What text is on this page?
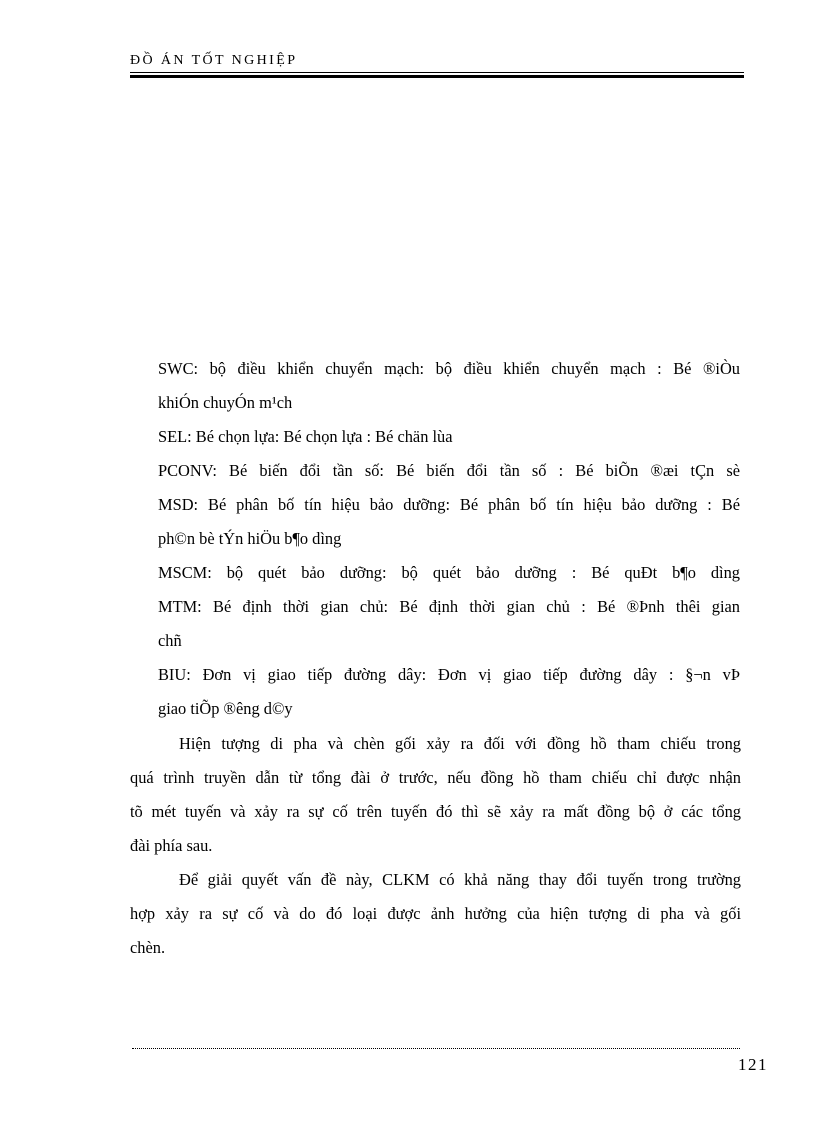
ĐỒ ÁN TỐT NGHIỆP
SWC: bộ điều khiển chuyển mạch: bộ điều khiển chuyển mạch : Bé ®iÒu
khiÓn chuyÓn m¹ch
SEL: Bé chọn lựa: Bé chọn lựa : Bé chän lùa
PCONV: Bé biến đổi tần số: Bé biến đổi tần số : Bé biÕn ®æi tÇn sè
MSD: Bé phân bố tín hiệu bảo dưỡng: Bé phân bố tín hiệu bảo dưỡng : Bé
ph©n bè tÝn hiÖu b¶o dìng
MSCM: bộ quét bảo dưỡng: bộ quét bảo dưỡng : Bé quÐt b¶o dìng
MTM: Bé định thời gian chủ: Bé định thời gian chủ : Bé ®Þnh thêi gian
chñ
BIU: Đơn vị giao tiếp đường dây: Đơn vị giao tiếp đường dây : §¬n vÞ
giao tiÕp ®êng d©y
Hiện tượng di pha và chèn gối xảy ra đối với đồng hồ tham chiếu trong
quá trình truyền dẫn từ tổng đài ở trước, nếu đồng hồ tham chiếu chỉ được nhận
tõ mét tuyến và xảy ra sự cố trên tuyến đó thì sẽ xảy ra mất đồng bộ ở các tổng
đài phía sau.
Để giải quyết vấn đề này, CLKM có khả năng thay đổi tuyến trong trường
hợp xảy ra sự cố và do đó loại được ảnh hưởng của hiện tượng di pha và gối
chèn.
121
